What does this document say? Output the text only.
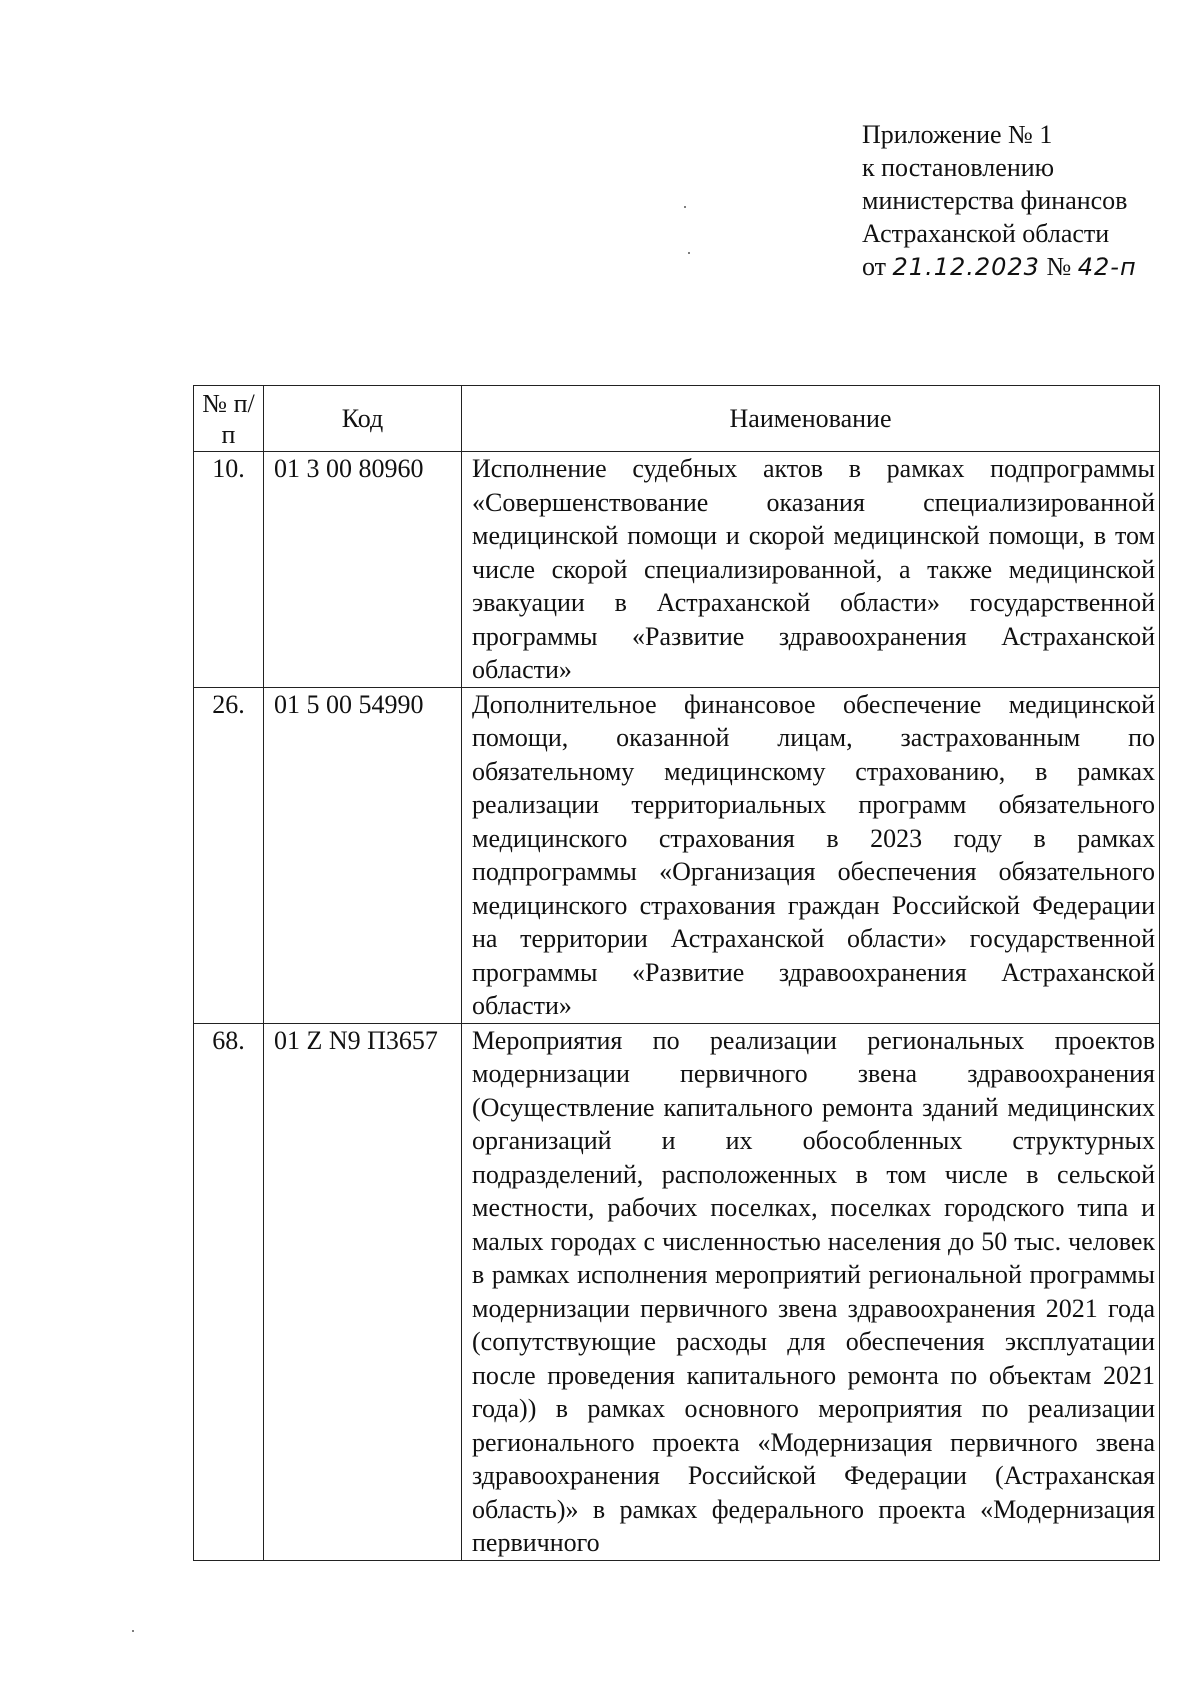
Приложение № 1
к постановлению
министерства финансов
Астраханской области
от 21.12.2023 № 42-п
№ п/п	Код	Наименование
10.	01 3 00 80960	Исполнение судебных актов в рамках подпрограммы «Совершенствование оказания специализированной медицинской помощи и скорой медицинской помощи, в том числе скорой специализированной, а также медицинской эвакуации в Астраханской области» государственной программы «Развитие здравоохранения Астраханской области»
26.	01 5 00 54990	Дополнительное финансовое обеспечение медицинской помощи, оказанной лицам, застрахованным по обязательному медицинскому страхованию, в рамках реализации территориальных программ обязательного медицинского страхования в 2023 году в рамках подпрограммы «Организация обеспечения обязательного медицинского страхования граждан Российской Федерации на территории Астраханской области» государственной программы «Развитие здравоохранения Астраханской области»
68.	01 Z N9 П3657	Мероприятия по реализации региональных проектов модернизации первичного звена здравоохранения (Осуществление капитального ремонта зданий медицинских организаций и их обособленных структурных подразделений, расположенных в том числе в сельской местности, рабочих поселках, поселках городского типа и малых городах с численностью населения до 50 тыс. человек в рамках исполнения мероприятий региональной программы модернизации первичного звена здравоохранения 2021 года (сопутствующие расходы для обеспечения эксплуатации после проведения капитального ремонта по объектам 2021 года)) в рамках основного мероприятия по реализации регионального проекта «Модернизация первичного звена здравоохранения Российской Федерации (Астраханская область)» в рамках федерального проекта «Модернизация первичного
